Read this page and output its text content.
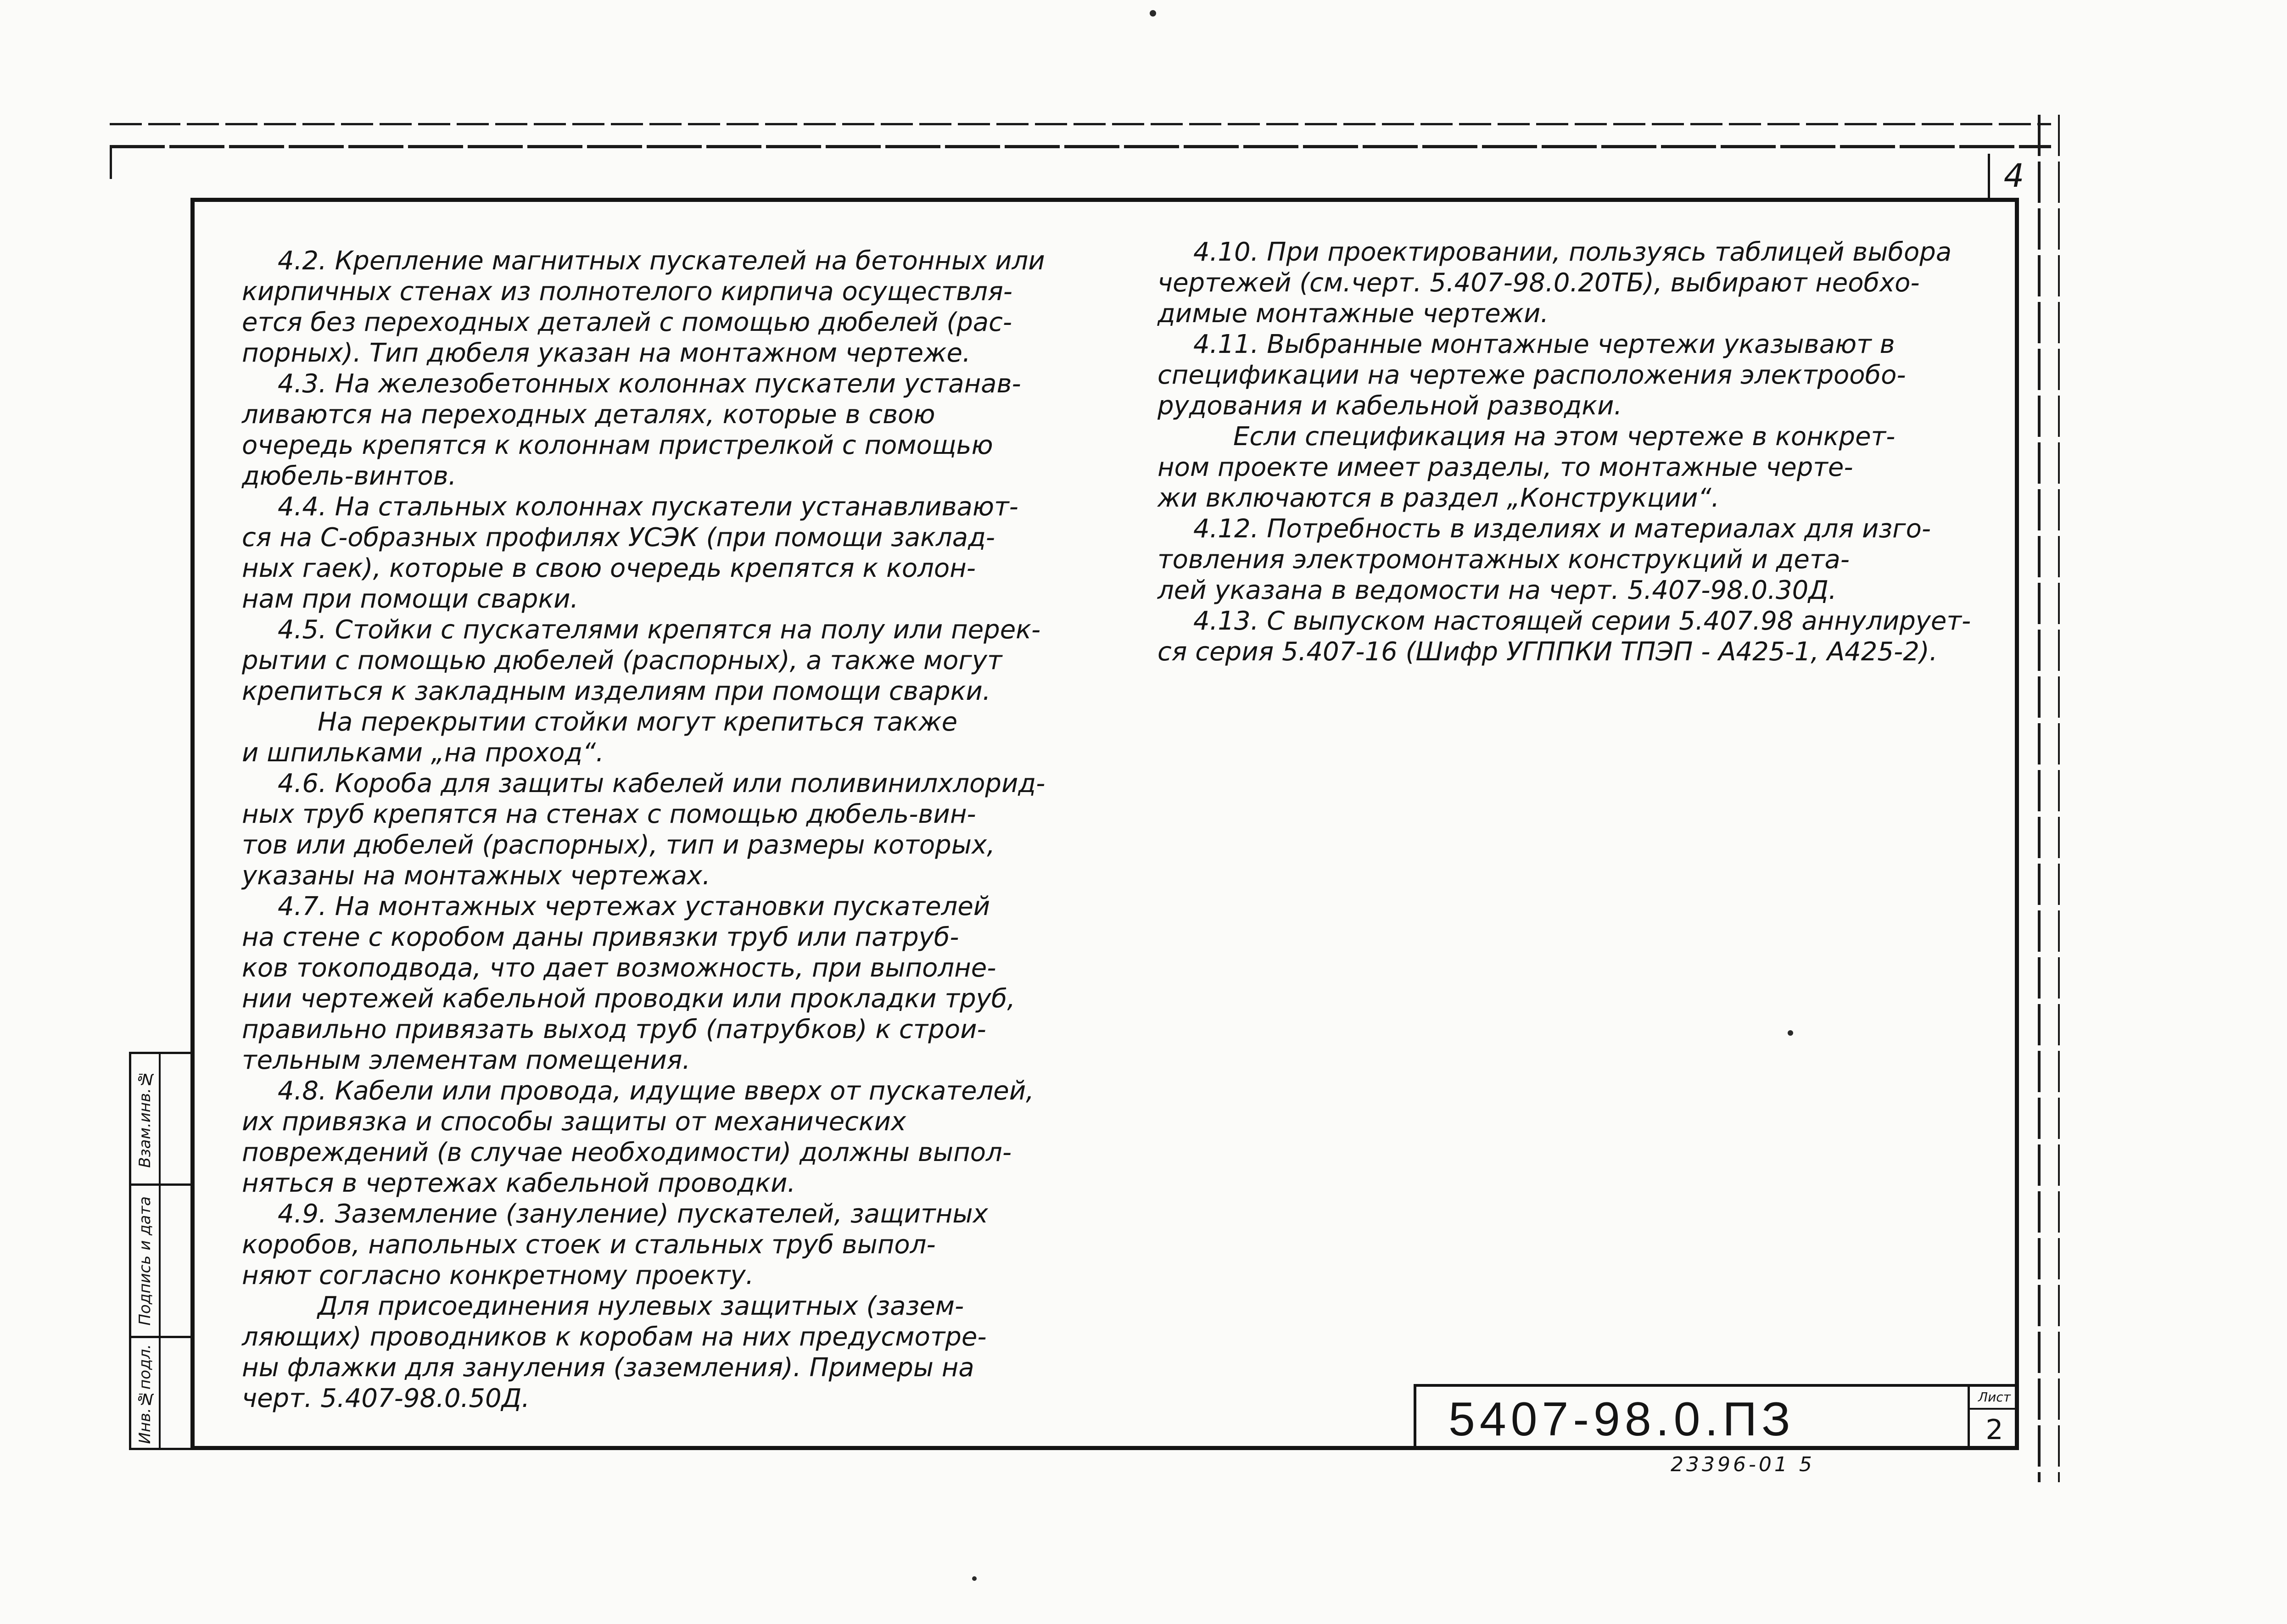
4
4.2. Крепление магнитных пускателей на бетонных или
кирпичных стенах из полнотелого кирпича осуществля-
ется без переходных деталей с помощью дюбелей (рас-
порных). Тип дюбеля указан на монтажном чертеже.
4.3. На железобетонных колоннах пускатели устанав-
ливаются на переходных деталях, которые в свою
очередь крепятся к колоннам пристрелкой с помощью
дюбель-винтов.
4.4. На стальных колоннах пускатели устанавливают-
ся на С-образных профилях УСЭК (при помощи заклад-
ных гаек), которые в свою очередь крепятся к колон-
нам при помощи сварки.
4.5. Стойки с пускателями крепятся на полу или перек-
рытии с помощью дюбелей (распорных), а также могут
крепиться к закладным изделиям при помощи сварки.
На перекрытии стойки могут крепиться также
и шпильками „на проход“.
4.6. Короба для защиты кабелей или поливинилхлорид-
ных труб крепятся на стенах с помощью дюбель-вин-
тов или дюбелей (распорных), тип и размеры которых,
указаны на монтажных чертежах.
4.7. На монтажных чертежах установки пускателей
на стене с коробом даны привязки труб или патруб-
ков токоподвода, что дает возможность, при выполне-
нии чертежей кабельной проводки или прокладки труб,
правильно привязать выход труб (патрубков) к строи-
тельным элементам помещения.
4.8. Кабели или провода, идущие вверх от пускателей,
их привязка и способы защиты от механических
повреждений (в случае необходимости) должны выпол-
няться в чертежах кабельной проводки.
4.9. Заземление (зануление) пускателей, защитных
коробов, напольных стоек и стальных труб выпол-
няют согласно конкретному проекту.
Для присоединения нулевых защитных (зазем-
ляющих) проводников к коробам на них предусмотре-
ны флажки для зануления (заземления). Примеры на
черт. 5.407-98.0.50Д.
4.10. При проектировании, пользуясь таблицей выбора
чертежей (см.черт. 5.407-98.0.20ТБ), выбирают необхо-
димые монтажные чертежи.
4.11. Выбранные монтажные чертежи указывают в
спецификации на чертеже расположения электрообо-
рудования и кабельной разводки.
Если спецификация на этом чертеже в конкрет-
ном проекте имеет разделы, то монтажные черте-
жи включаются в раздел „Конструкции“.
4.12. Потребность в изделиях и материалах для изго-
товления электромонтажных конструкций и дета-
лей указана в ведомости на черт. 5.407-98.0.30Д.
4.13. С выпуском настоящей серии 5.407.98 аннулирует-
ся серия 5.407-16 (Шифр УГППКИ ТПЭП - А425-1, А425-2).
Взам.инв.№
Подпись и дата
Инв.№подл.	5407-98.0.ПЗ	Лист
2
23396-01 5
